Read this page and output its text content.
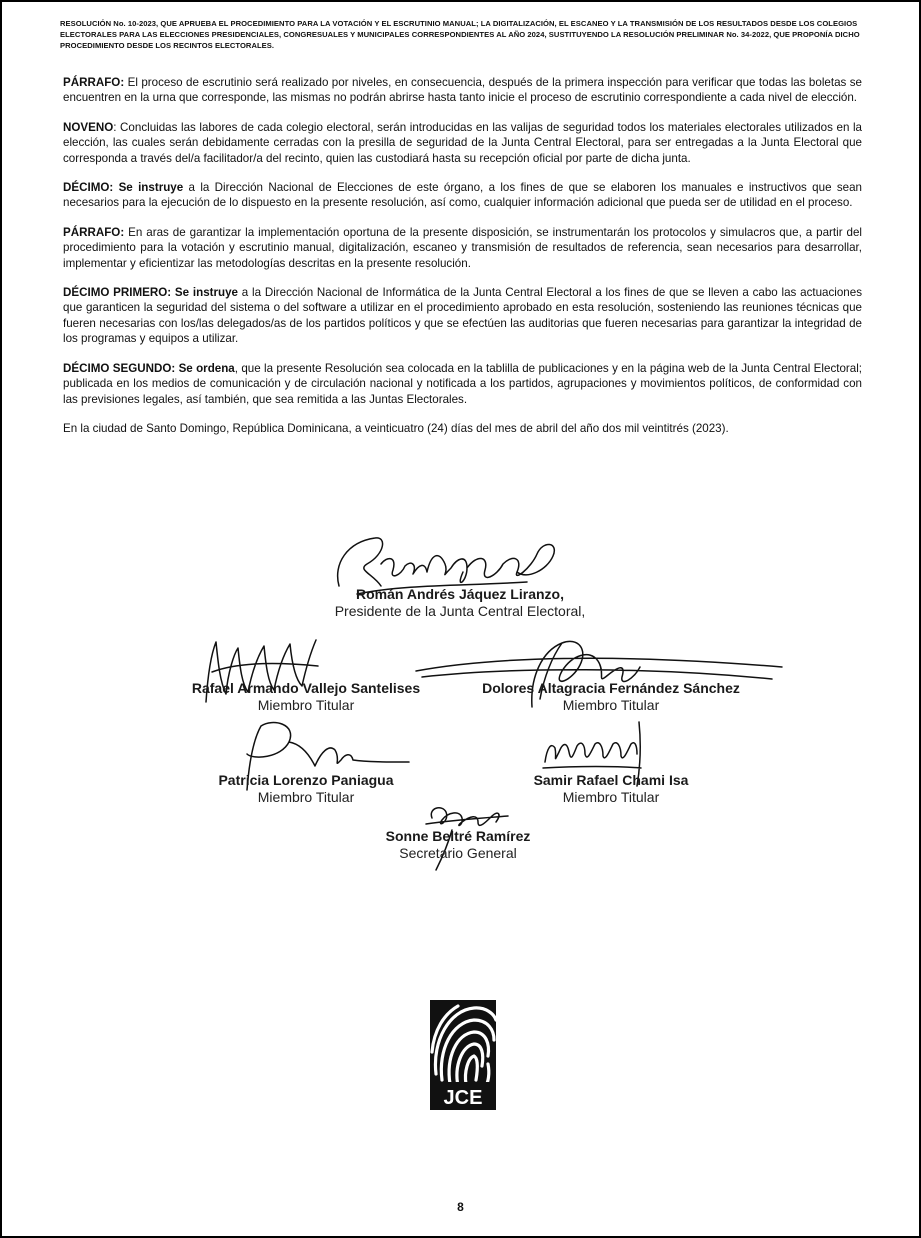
RESOLUCIÓN No. 10-2023, QUE APRUEBA EL PROCEDIMIENTO PARA LA VOTACIÓN Y EL ESCRUTINIO MANUAL; LA DIGITALIZACIÓN, EL ESCANEO Y LA TRANSMISIÓN DE LOS RESULTADOS DESDE LOS COLEGIOS ELECTORALES PARA LAS ELECCIONES PRESIDENCIALES, CONGRESUALES Y MUNICIPALES CORRESPONDIENTES AL AÑO 2024, SUSTITUYENDO LA RESOLUCIÓN PRELIMINAR No. 34-2022, QUE PROPONÍA DICHO PROCEDIMIENTO DESDE LOS RECINTOS ELECTORALES.

PÁRRAFO: El proceso de escrutinio será realizado por niveles, en consecuencia, después de la primera inspección para verificar que todas las boletas se encuentren en la urna que corresponde, las mismas no podrán abrirse hasta tanto inicie el proceso de escrutinio correspondiente a cada nivel de elección.

NOVENO: Concluidas las labores de cada colegio electoral, serán introducidas en las valijas de seguridad todos los materiales electorales utilizados en la elección, las cuales serán debidamente cerradas con la presilla de seguridad de la Junta Central Electoral, para ser entregadas a la Junta Electoral que corresponda a través del/a facilitador/a del recinto, quien las custodiará hasta su recepción oficial por parte de dicha junta.

DÉCIMO: Se instruye a la Dirección Nacional de Elecciones de este órgano, a los fines de que se elaboren los manuales e instructivos que sean necesarios para la ejecución de lo dispuesto en la presente resolución, así como, cualquier información adicional que pueda ser de utilidad en el proceso.

PÁRRAFO: En aras de garantizar la implementación oportuna de la presente disposición, se instrumentarán los protocolos y simulacros que, a partir del procedimiento para la votación y escrutinio manual, digitalización, escaneo y transmisión de resultados de referencia, sean necesarios para desarrollar, implementar y eficientizar las metodologías descritas en la presente resolución.

DÉCIMO PRIMERO: Se instruye a la Dirección Nacional de Informática de la Junta Central Electoral a los fines de que se lleven a cabo las actuaciones que garanticen la seguridad del sistema o del software a utilizar en el procedimiento aprobado en esta resolución, sosteniendo las reuniones técnicas que fueren necesarias con los/las delegados/as de los partidos políticos y que se efectúen las auditorias que fueren necesarias para garantizar la integridad de los programas y equipos a utilizar.

DÉCIMO SEGUNDO: Se ordena, que la presente Resolución sea colocada en la tablilla de publicaciones y en la página web de la Junta Central Electoral; publicada en los medios de comunicación y de circulación nacional y notificada a los partidos, agrupaciones y movimientos políticos, de conformidad con las previsiones legales, así también, que sea remitida a las Juntas Electorales.

En la ciudad de Santo Domingo, República Dominicana, a veinticuatro (24) días del mes de abril del año dos mil veintitrés (2023).

Román Andrés Jáquez Liranzo,
Presidente de la Junta Central Electoral,
Rafael Armando Vallejo Santelises
Miembro Titular
Dolores Altagracia Fernández Sánchez
Miembro Titular
Patricia Lorenzo Paniagua
Miembro Titular
Samir Rafael Chami Isa
Miembro Titular
Sonne Beltré Ramírez
Secretario General
JCE
8
